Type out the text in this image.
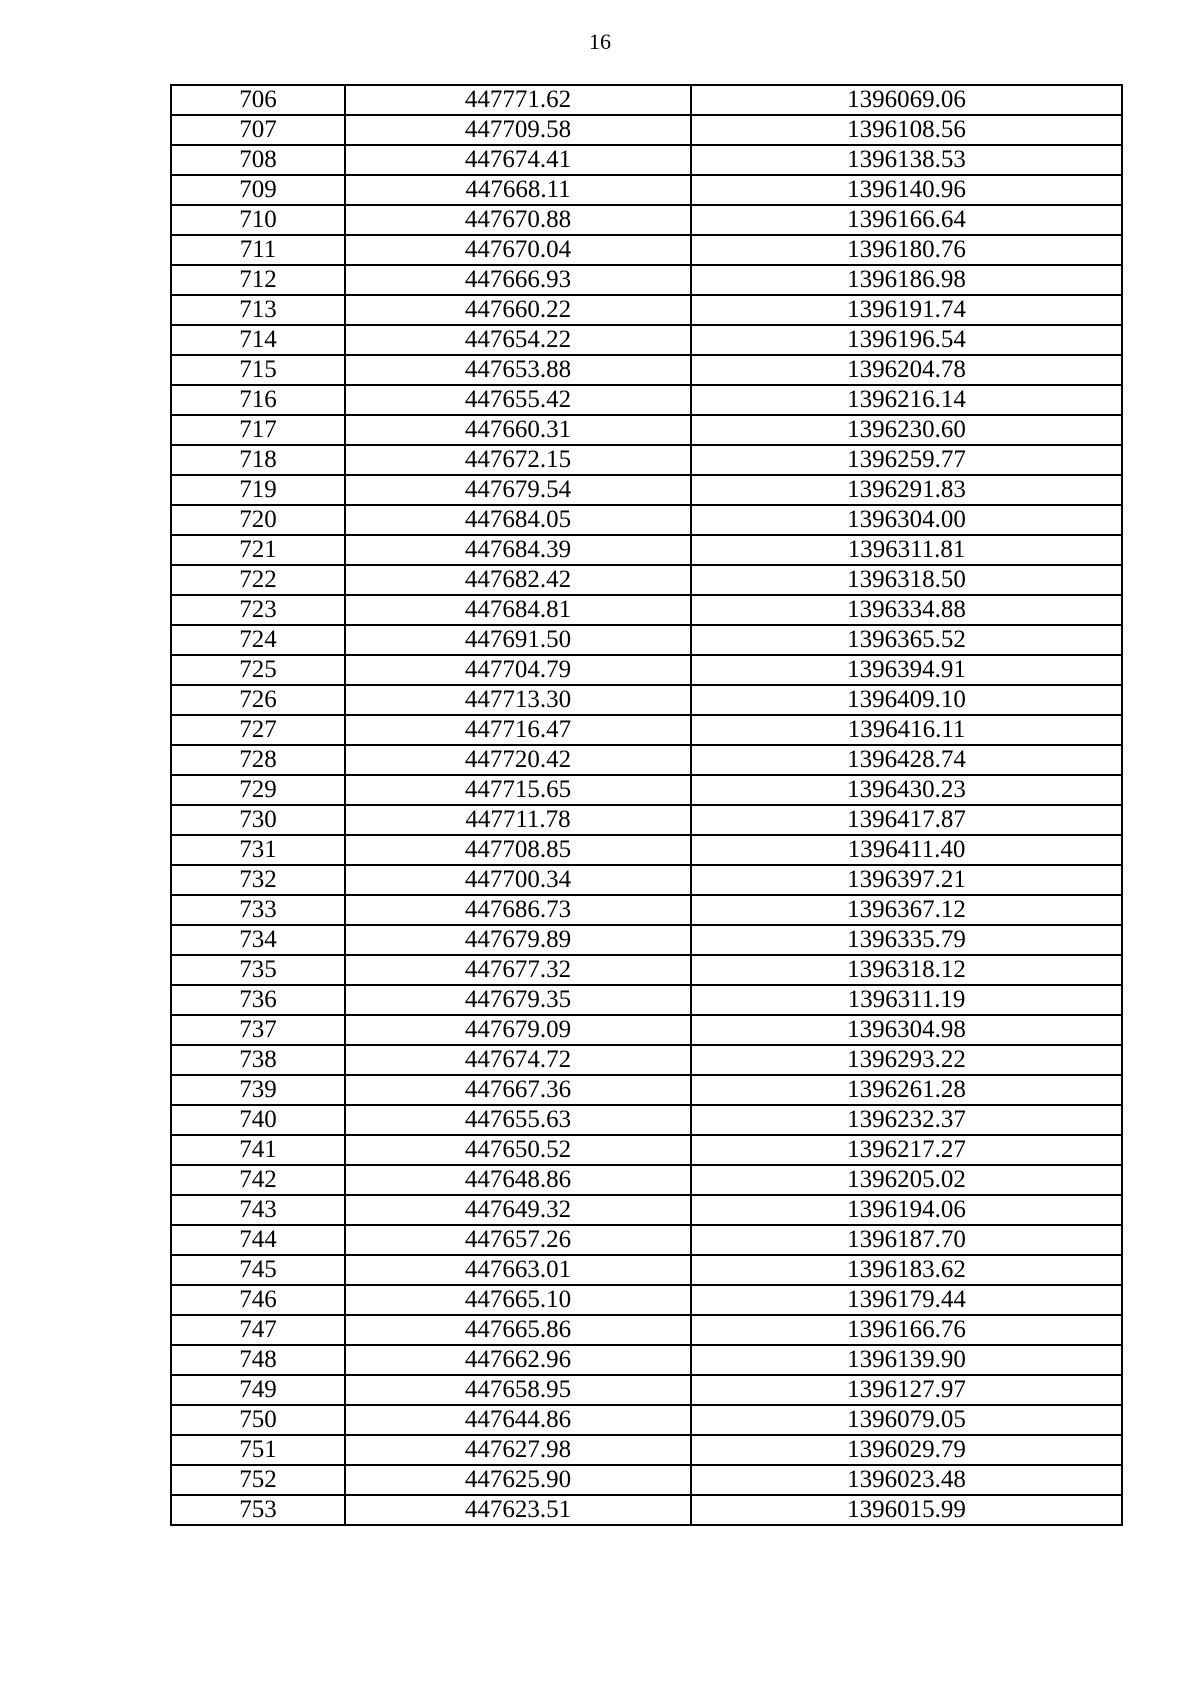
16
706	447771.62	1396069.06
707	447709.58	1396108.56
708	447674.41	1396138.53
709	447668.11	1396140.96
710	447670.88	1396166.64
711	447670.04	1396180.76
712	447666.93	1396186.98
713	447660.22	1396191.74
714	447654.22	1396196.54
715	447653.88	1396204.78
716	447655.42	1396216.14
717	447660.31	1396230.60
718	447672.15	1396259.77
719	447679.54	1396291.83
720	447684.05	1396304.00
721	447684.39	1396311.81
722	447682.42	1396318.50
723	447684.81	1396334.88
724	447691.50	1396365.52
725	447704.79	1396394.91
726	447713.30	1396409.10
727	447716.47	1396416.11
728	447720.42	1396428.74
729	447715.65	1396430.23
730	447711.78	1396417.87
731	447708.85	1396411.40
732	447700.34	1396397.21
733	447686.73	1396367.12
734	447679.89	1396335.79
735	447677.32	1396318.12
736	447679.35	1396311.19
737	447679.09	1396304.98
738	447674.72	1396293.22
739	447667.36	1396261.28
740	447655.63	1396232.37
741	447650.52	1396217.27
742	447648.86	1396205.02
743	447649.32	1396194.06
744	447657.26	1396187.70
745	447663.01	1396183.62
746	447665.10	1396179.44
747	447665.86	1396166.76
748	447662.96	1396139.90
749	447658.95	1396127.97
750	447644.86	1396079.05
751	447627.98	1396029.79
752	447625.90	1396023.48
753	447623.51	1396015.99
